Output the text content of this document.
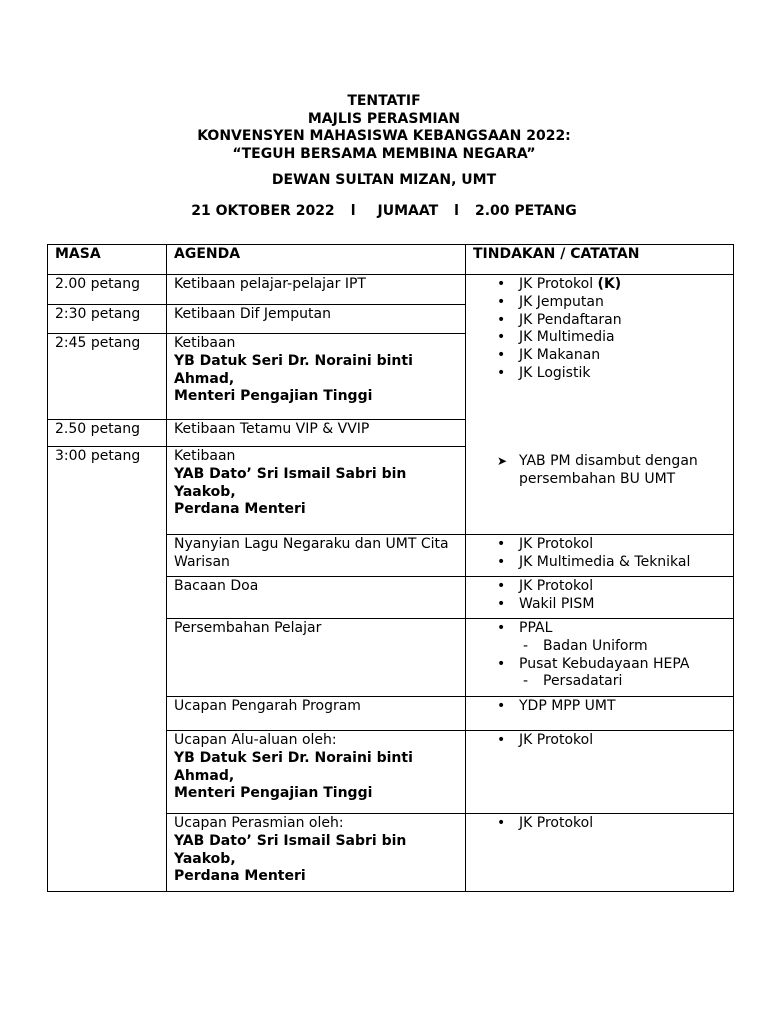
TENTATIF
MAJLIS PERASMIAN
KONVENSYEN MAHASISWA KEBANGSAAN 2022:
“TEGUH BERSAMA MEMBINA NEGARA”
DEWAN SULTAN MIZAN, UMT
21 OKTOBER 2022 l JUMAAT l 2.00 PETANG
MASA	AGENDA	TINDAKAN / CATATAN
2.00 petang
2:30 petang
2:45 petang
2.50 petang
3:00 petang
Ketibaan pelajar-pelajar IPT
Ketibaan Dif Jemputan
Ketibaan
YB Datuk Seri Dr. Noraini binti
Ahmad,
Menteri Pengajian Tinggi
Ketibaan Tetamu VIP & VVIP
Ketibaan
YAB Dato’ Sri Ismail Sabri bin
Yaakob,
Perdana Menteri
Nyanyian Lagu Negaraku dan UMT Cita
Warisan
Bacaan Doa
Persembahan Pelajar
Ucapan Pengarah Program
Ucapan Alu-aluan oleh:
YB Datuk Seri Dr. Noraini binti
Ahmad,
Menteri Pengajian Tinggi
Ucapan Perasmian oleh:
YAB Dato’ Sri Ismail Sabri bin
Yaakob,
Perdana Menteri
• JK Protokol (K)
• JK Jemputan
• JK Pendaftaran
• JK Multimedia
• JK Makanan
• JK Logistik
➤ YAB PM disambut dengan
persembahan BU UMT
• JK Protokol
• JK Multimedia & Teknikal
• JK Protokol
• Wakil PISM
• PPAL
- Badan Uniform
• Pusat Kebudayaan HEPA
- Persadatari
• YDP MPP UMT
• JK Protokol
• JK Protokol
